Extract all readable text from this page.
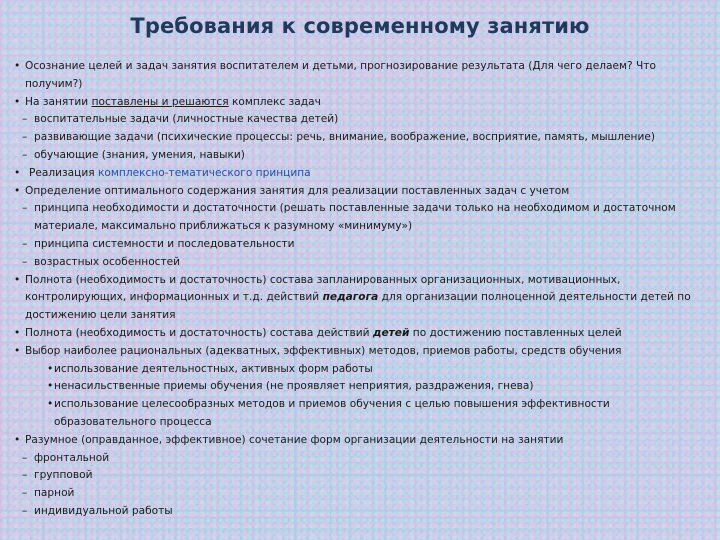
Требования к современному занятию
• Осознание целей и задач занятия воспитателем и детьми, прогнозирование результата (Для чего делаем? Что получим?)
• На занятии поставлены и решаются комплекс задач
– воспитательные задачи (личностные качества детей)
– развивающие задачи (психические процессы: речь, внимание, воображение, восприятие, память, мышление)
– обучающие (знания, умения, навыки)
• Реализация комплексно-тематического принципа
• Определение оптимального содержания занятия для реализации поставленных задач с учетом
– принципа необходимости и достаточности (решать поставленные задачи только на необходимом и достаточном материале, максимально приближаться к разумному «минимуму»)
– принципа системности и последовательности
– возрастных особенностей
• Полнота (необходимость и достаточность) состава запланированных организационных, мотивационных, контролирующих, информационных и т.д. действий педагога для организации полноценной деятельности детей по достижению цели занятия
• Полнота (необходимость и достаточность) состава действий детей по достижению поставленных целей
• Выбор наиболее рациональных (адекватных, эффективных) методов, приемов работы, средств обучения
• использование деятельностных, активных форм работы
• ненасильственные приемы обучения (не проявляет неприятия, раздражения, гнева)
• использование целесообразных методов и приемов обучения с целью повышения эффективности образовательного процесса
• Разумное (оправданное, эффективное) сочетание форм организации деятельности на занятии
– фронтальной
– групповой
– парной
– индивидуальной работы
